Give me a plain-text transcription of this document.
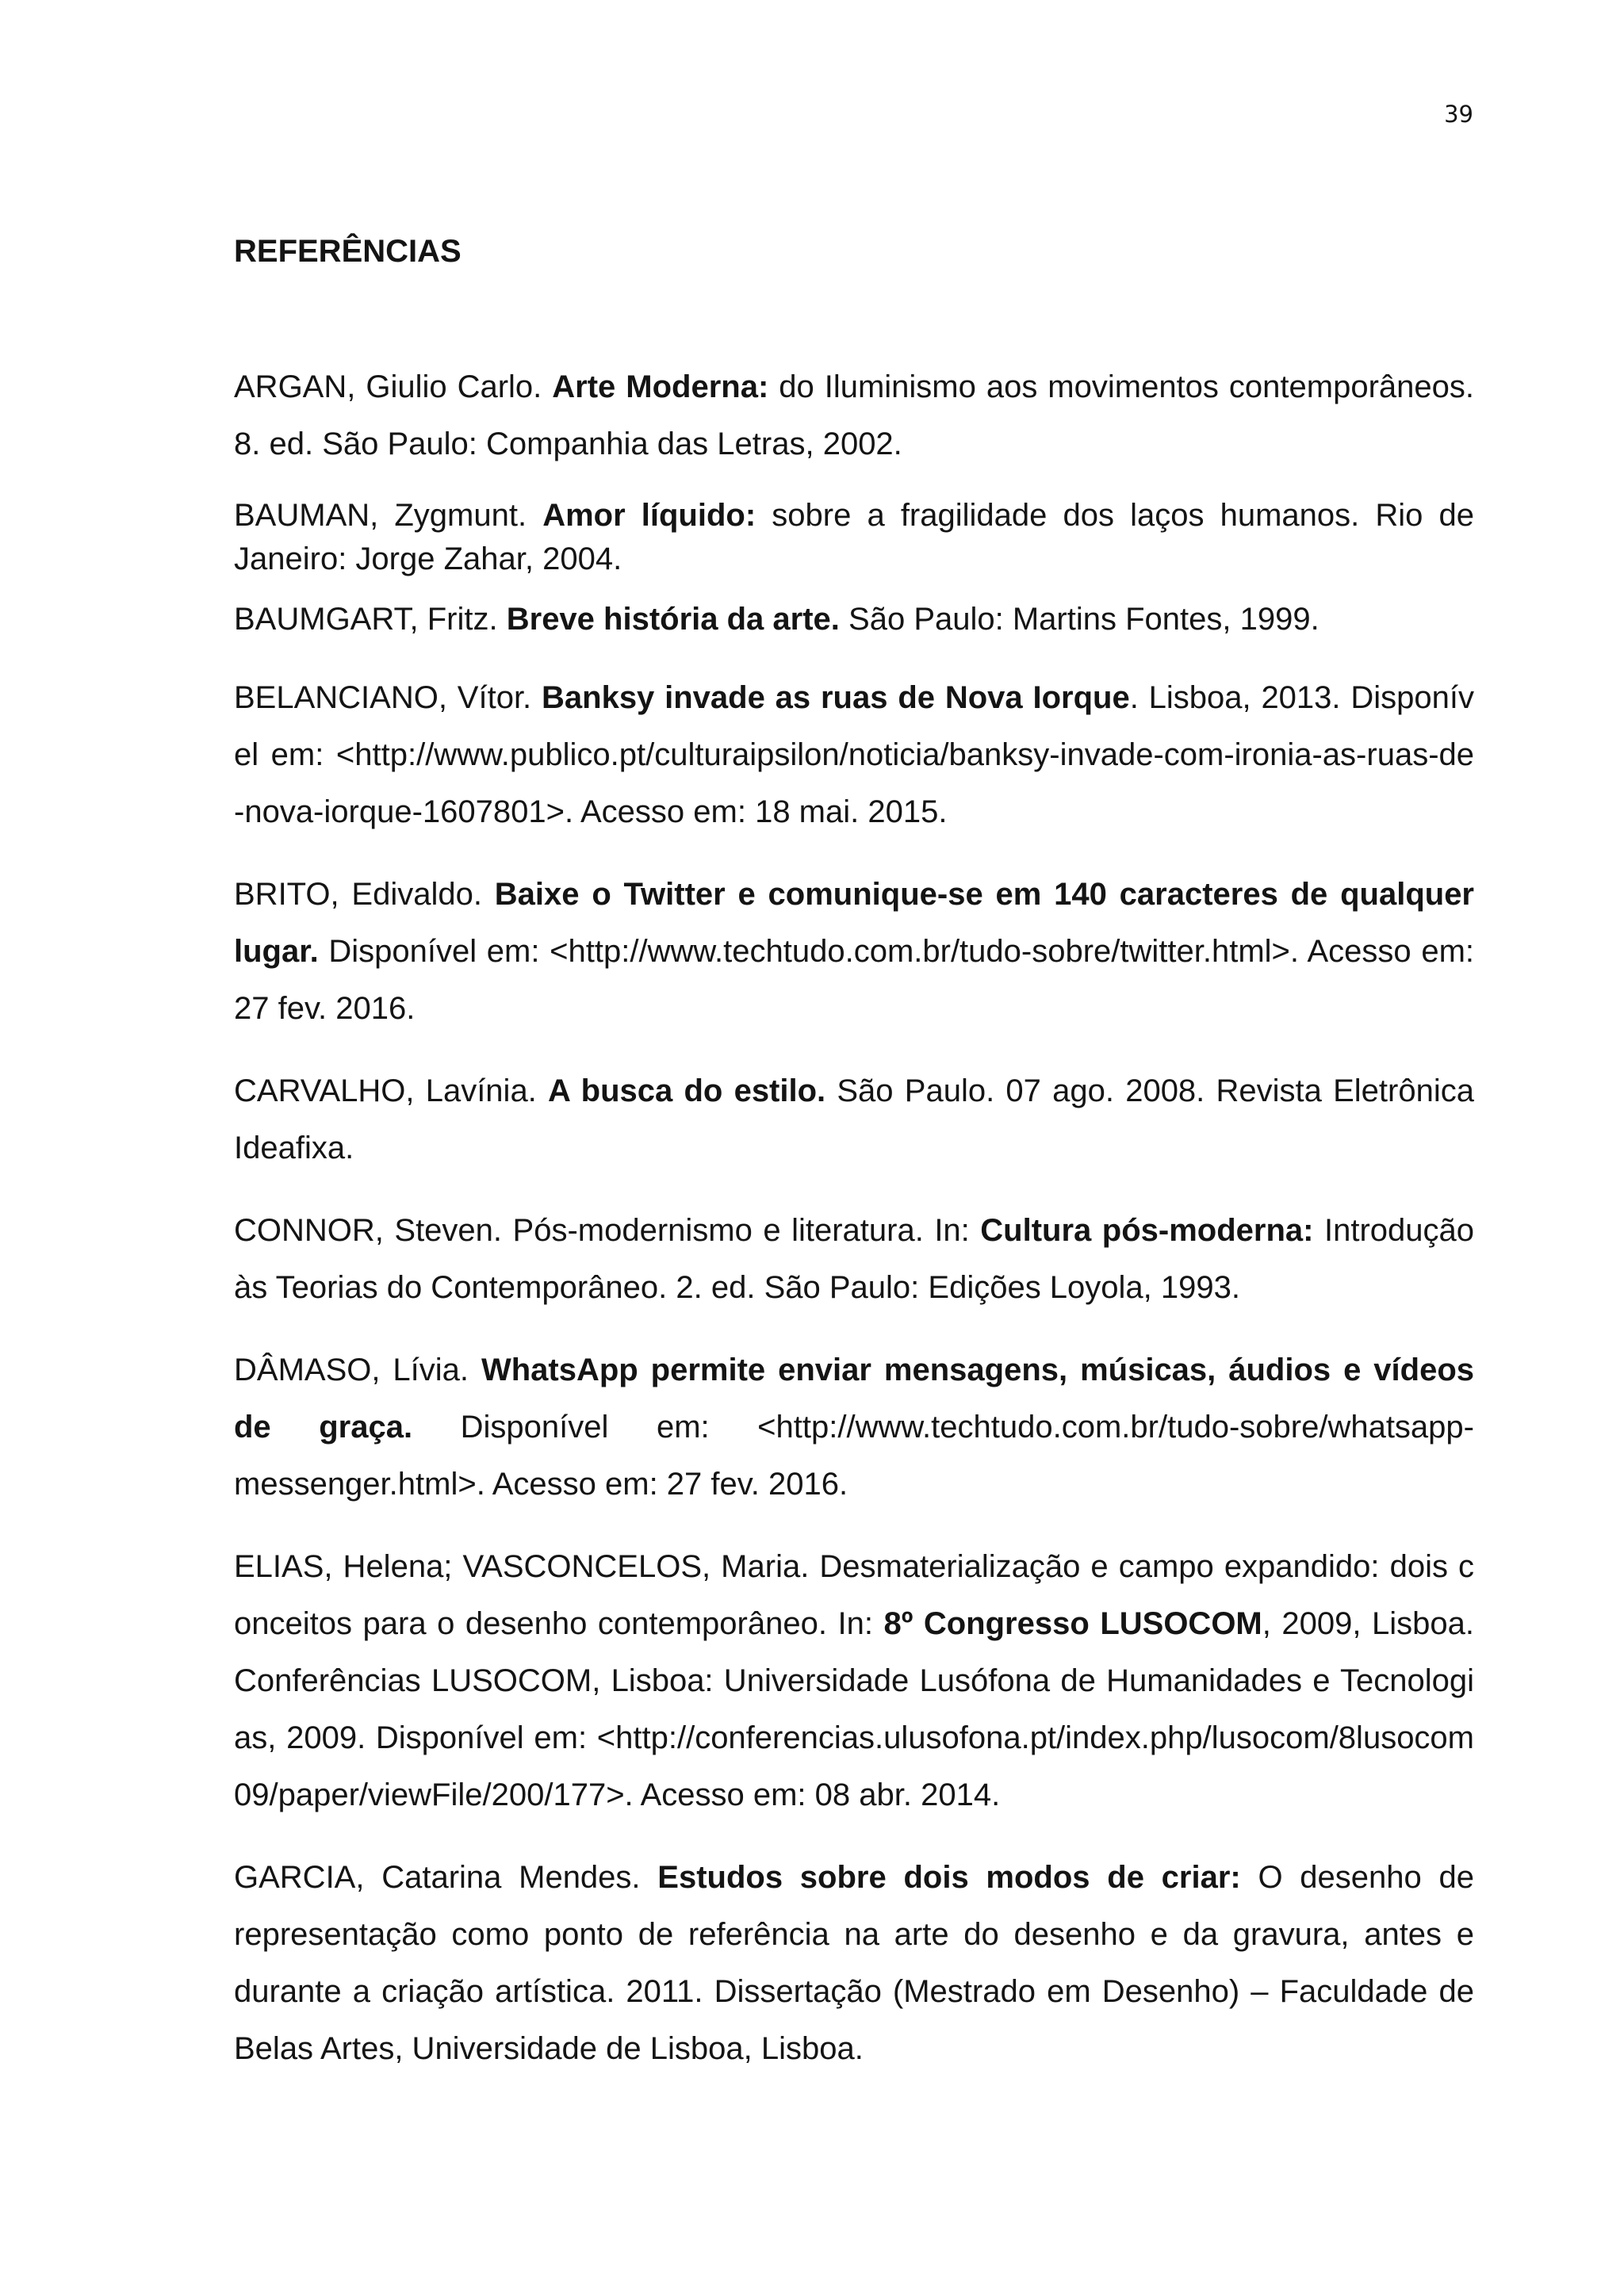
39
REFERÊNCIAS

ARGAN, Giulio Carlo. Arte Moderna: do Iluminismo aos movimentos contemporâneos. 8. ed. São Paulo: Companhia das Letras, 2002.

BAUMAN, Zygmunt. Amor líquido: sobre a fragilidade dos laços humanos. Rio de Janeiro: Jorge Zahar, 2004.

BAUMGART, Fritz. Breve história da arte. São Paulo: Martins Fontes, 1999.

BELANCIANO, Vítor. Banksy invade as ruas de Nova Iorque. Lisboa, 2013. Disponível em: <http://www.publico.pt/culturaipsilon/noticia/banksy-invade-com-ironia-as-ruas-de-nova-iorque-1607801>. Acesso em: 18 mai. 2015.

BRITO, Edivaldo. Baixe o Twitter e comunique-se em 140 caracteres de qualquer lugar. Disponível em: <http://www.techtudo.com.br/tudo-sobre/twitter.html>. Acesso em: 27 fev. 2016.

CARVALHO, Lavínia. A busca do estilo. São Paulo. 07 ago. 2008. Revista Eletrônica Ideafixa.

CONNOR, Steven. Pós-modernismo e literatura. In: Cultura pós-moderna: Introdução às Teorias do Contemporâneo. 2. ed. São Paulo: Edições Loyola, 1993.

DÂMASO, Lívia. WhatsApp permite enviar mensagens, músicas, áudios e vídeos de graça. Disponível em: <http://www.techtudo.com.br/tudo-sobre/whatsapp-messenger.html>. Acesso em: 27 fev. 2016.

ELIAS, Helena; VASCONCELOS, Maria. Desmaterialização e campo expandido: dois conceitos para o desenho contemporâneo. In: 8º Congresso LUSOCOM, 2009, Lisboa. Conferências LUSOCOM, Lisboa: Universidade Lusófona de Humanidades e Tecnologias, 2009. Disponível em: <http://conferencias.ulusofona.pt/index.php/lusocom/8lusocom09/paper/viewFile/200/177>. Acesso em: 08 abr. 2014.

GARCIA, Catarina Mendes. Estudos sobre dois modos de criar: O desenho de representação como ponto de referência na arte do desenho e da gravura, antes e durante a criação artística. 2011. Dissertação (Mestrado em Desenho) – Faculdade de Belas Artes, Universidade de Lisboa, Lisboa.
